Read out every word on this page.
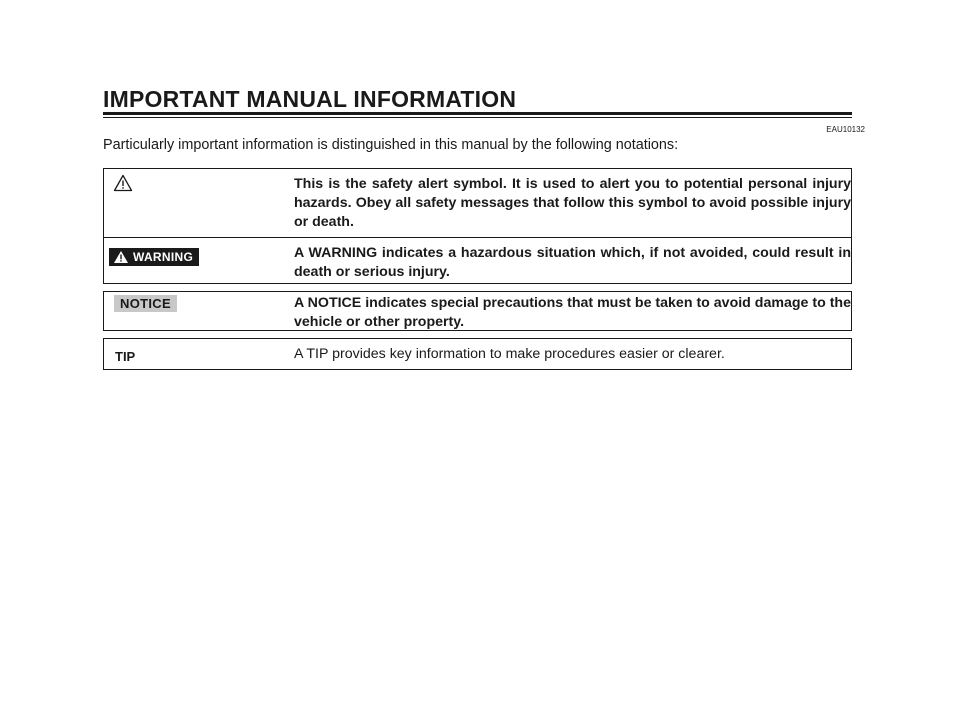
IMPORTANT MANUAL INFORMATION
EAU10132
Particularly important information is distinguished in this manual by the following notations:
This is the safety alert symbol. It is used to alert you to potential personal injury hazards. Obey all safety messages that follow this symbol to avoid possible injury or death.
WARNING	A WARNING indicates a hazardous situation which, if not avoided, could result in death or serious injury.
NOTICE	A NOTICE indicates special precautions that must be taken to avoid damage to the vehicle or other property.
TIP	A TIP provides key information to make procedures easier or clearer.
